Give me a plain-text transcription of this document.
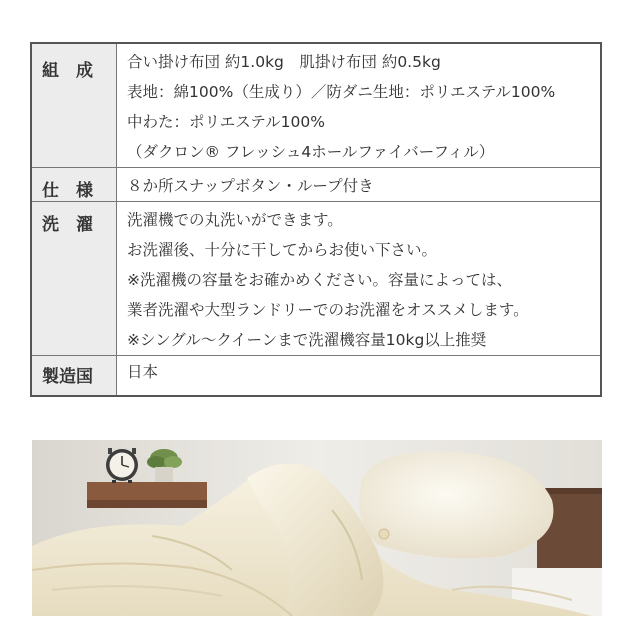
組　成	合い掛け布団 約1.0kg　肌掛け布団 約0.5kg
表地：綿100%（生成り）／防ダニ生地：ポリエステル100%
中わた：ポリエステル100%
（ダクロン® フレッシュ4ホールファイバーフィル）

仕　様	８か所スナップボタン・ループ付き

洗　濯	洗濯機での丸洗いができます。
お洗濯後、十分に干してからお使い下さい。
※洗濯機の容量をお確かめください。容量によっては、
業者洗濯や大型ランドリーでのお洗濯をオススメします。
※シングル～クイーンまで洗濯機容量10kg以上推奨

製造国	日本
